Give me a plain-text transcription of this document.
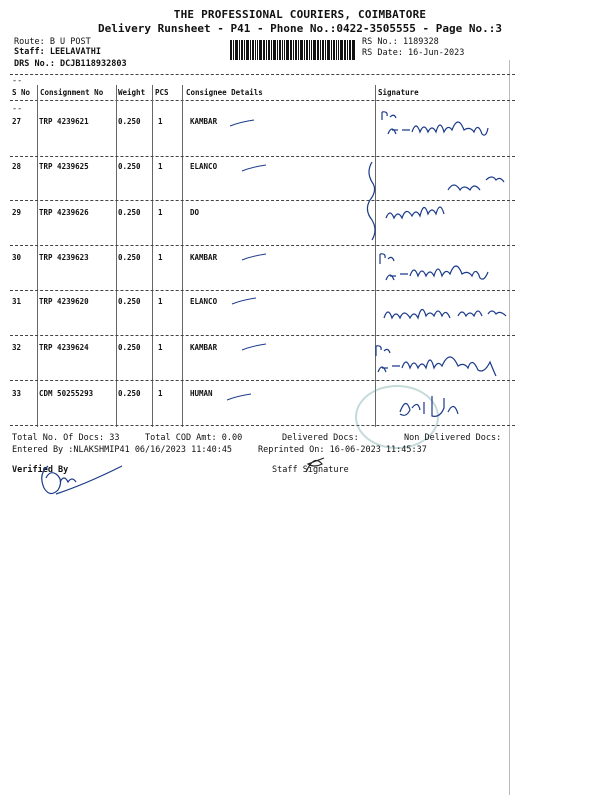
THE PROFESSIONAL COURIERS, COIMBATORE
Delivery Runsheet - P41 - Phone No.:0422-3505555 - Page No.:3
Route: B U POST
Staff: LEELAVATHI
DRS No.: DCJB118932803
RS No.: 1189328
RS Date: 16-Jun-2023
--
S No Consignment No Weight PCS Consignee Details	Signature
--
27 TRP 4239621	0.250 1	KAMBAR
28 TRP 4239625	0.250 1	ELANCO
29 TRP 4239626	0.250 1	DO
30 TRP 4239623	0.250 1	KAMBAR
31 TRP 4239620	0.250 1	ELANCO
32 TRP 4239624	0.250 1	KAMBAR
33 CDM 50255293	0.250 1	HUMAN
Total No. Of Docs: 33	Total COD Amt: 0.00	Delivered Docs:	Non Delivered Docs:
Entered By :NLAKSHMIP41 06/16/2023 11:40:45	Reprinted On: 16-06-2023 11:45:37
Verified By	Staff Signature
